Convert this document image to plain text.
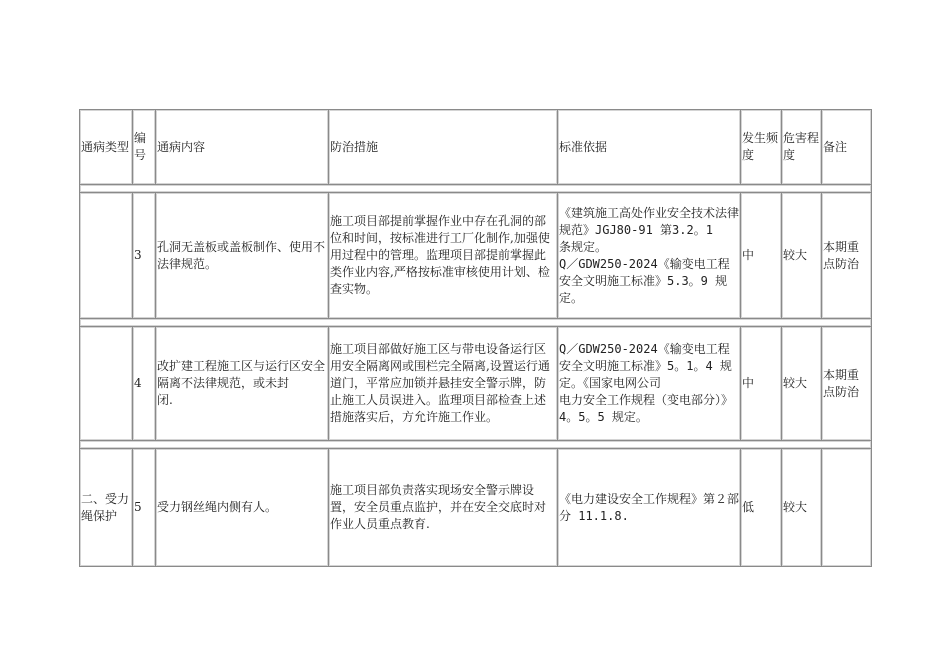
通病类型	编号	通病内容	防治措施	标准依据	发生频度	危害程度	备注

	3	孔洞无盖板或盖板制作、使用不法律规范。	施工项目部提前掌握作业中存在孔洞的部位和时间，按标准进行工厂化制作,加强使用过程中的管理。监理项目部提前掌握此类作业内容,严格按标准审核使用计划、检查实物。	《建筑施工高处作业安全技术法律规范》JGJ80-91 第3.2。1
条规定。
Q／GDW250-2024《输变电工程安全文明施工标准》5.3。9 规定。	中	较大	本期重点防治

	4	改扩建工程施工区与运行区安全隔离不法律规范，或未封
闭.	施工项目部做好施工区与带电设备运行区用安全隔离网或围栏完全隔离,设置运行通道门，平常应加锁并悬挂安全警示牌，防止施工人员误进入。监理项目部检查上述措施落实后，方允许施工作业。	Q／GDW250-2024《输变电工程安全文明施工标准》5。1。4 规定。《国家电网公司
电力安全工作规程（变电部分）》4。5。5 规定。	中	较大	本期重点防治

二、受力绳保护	5	受力钢丝绳内侧有人。	施工项目部负责落实现场安全警示牌设置，安全员重点监护，并在安全交底时对作业人员重点教育.	《电力建设安全工作规程》第２部分 11.1.8.	低	较大	
